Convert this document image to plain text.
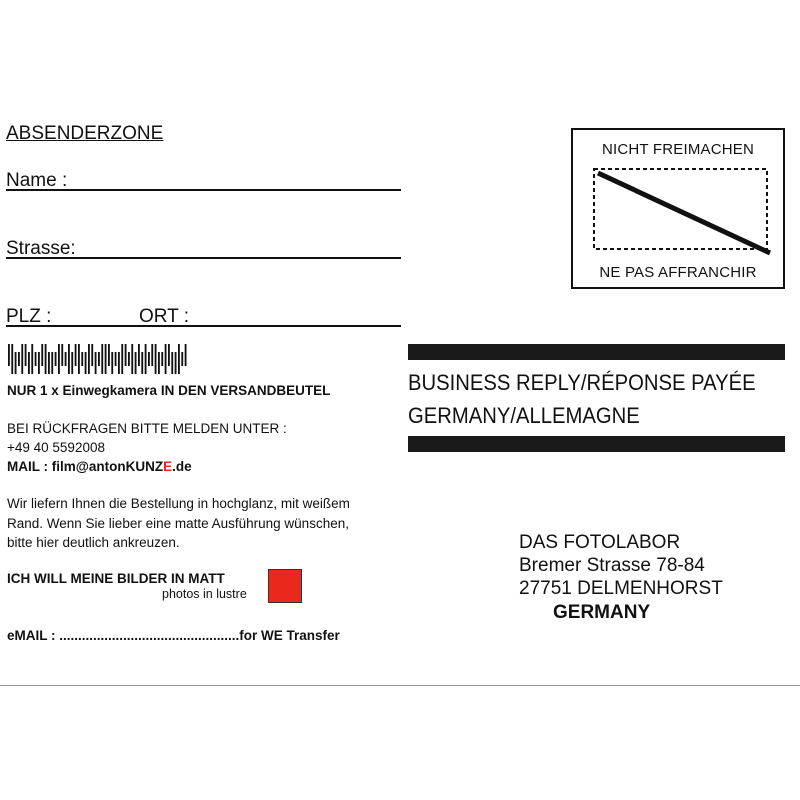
ABSENDERZONE
Name :
Strasse:
PLZ :	ORT :
NUR 1 x Einwegkamera IN DEN VERSANDBEUTEL
BEI RÜCKFRAGEN BITTE MELDEN UNTER :
+49 40 5592008
MAIL : film@antonKUNZE.de
Wir liefern Ihnen die Bestellung in hochglanz, mit weißem
Rand. Wenn Sie lieber eine matte Ausführung wünschen,
bitte hier deutlich ankreuzen.
ICH WILL MEINE BILDER IN MATT
photos in lustre
eMAIL : ................................................for WE Transfer
NICHT FREIMACHEN
NE PAS AFFRANCHIR
BUSINESS REPLY/RÉPONSE PAYÉE
GERMANY/ALLEMAGNE
DAS FOTOLABOR
Bremer Strasse 78-84
27751 DELMENHORST
GERMANY
